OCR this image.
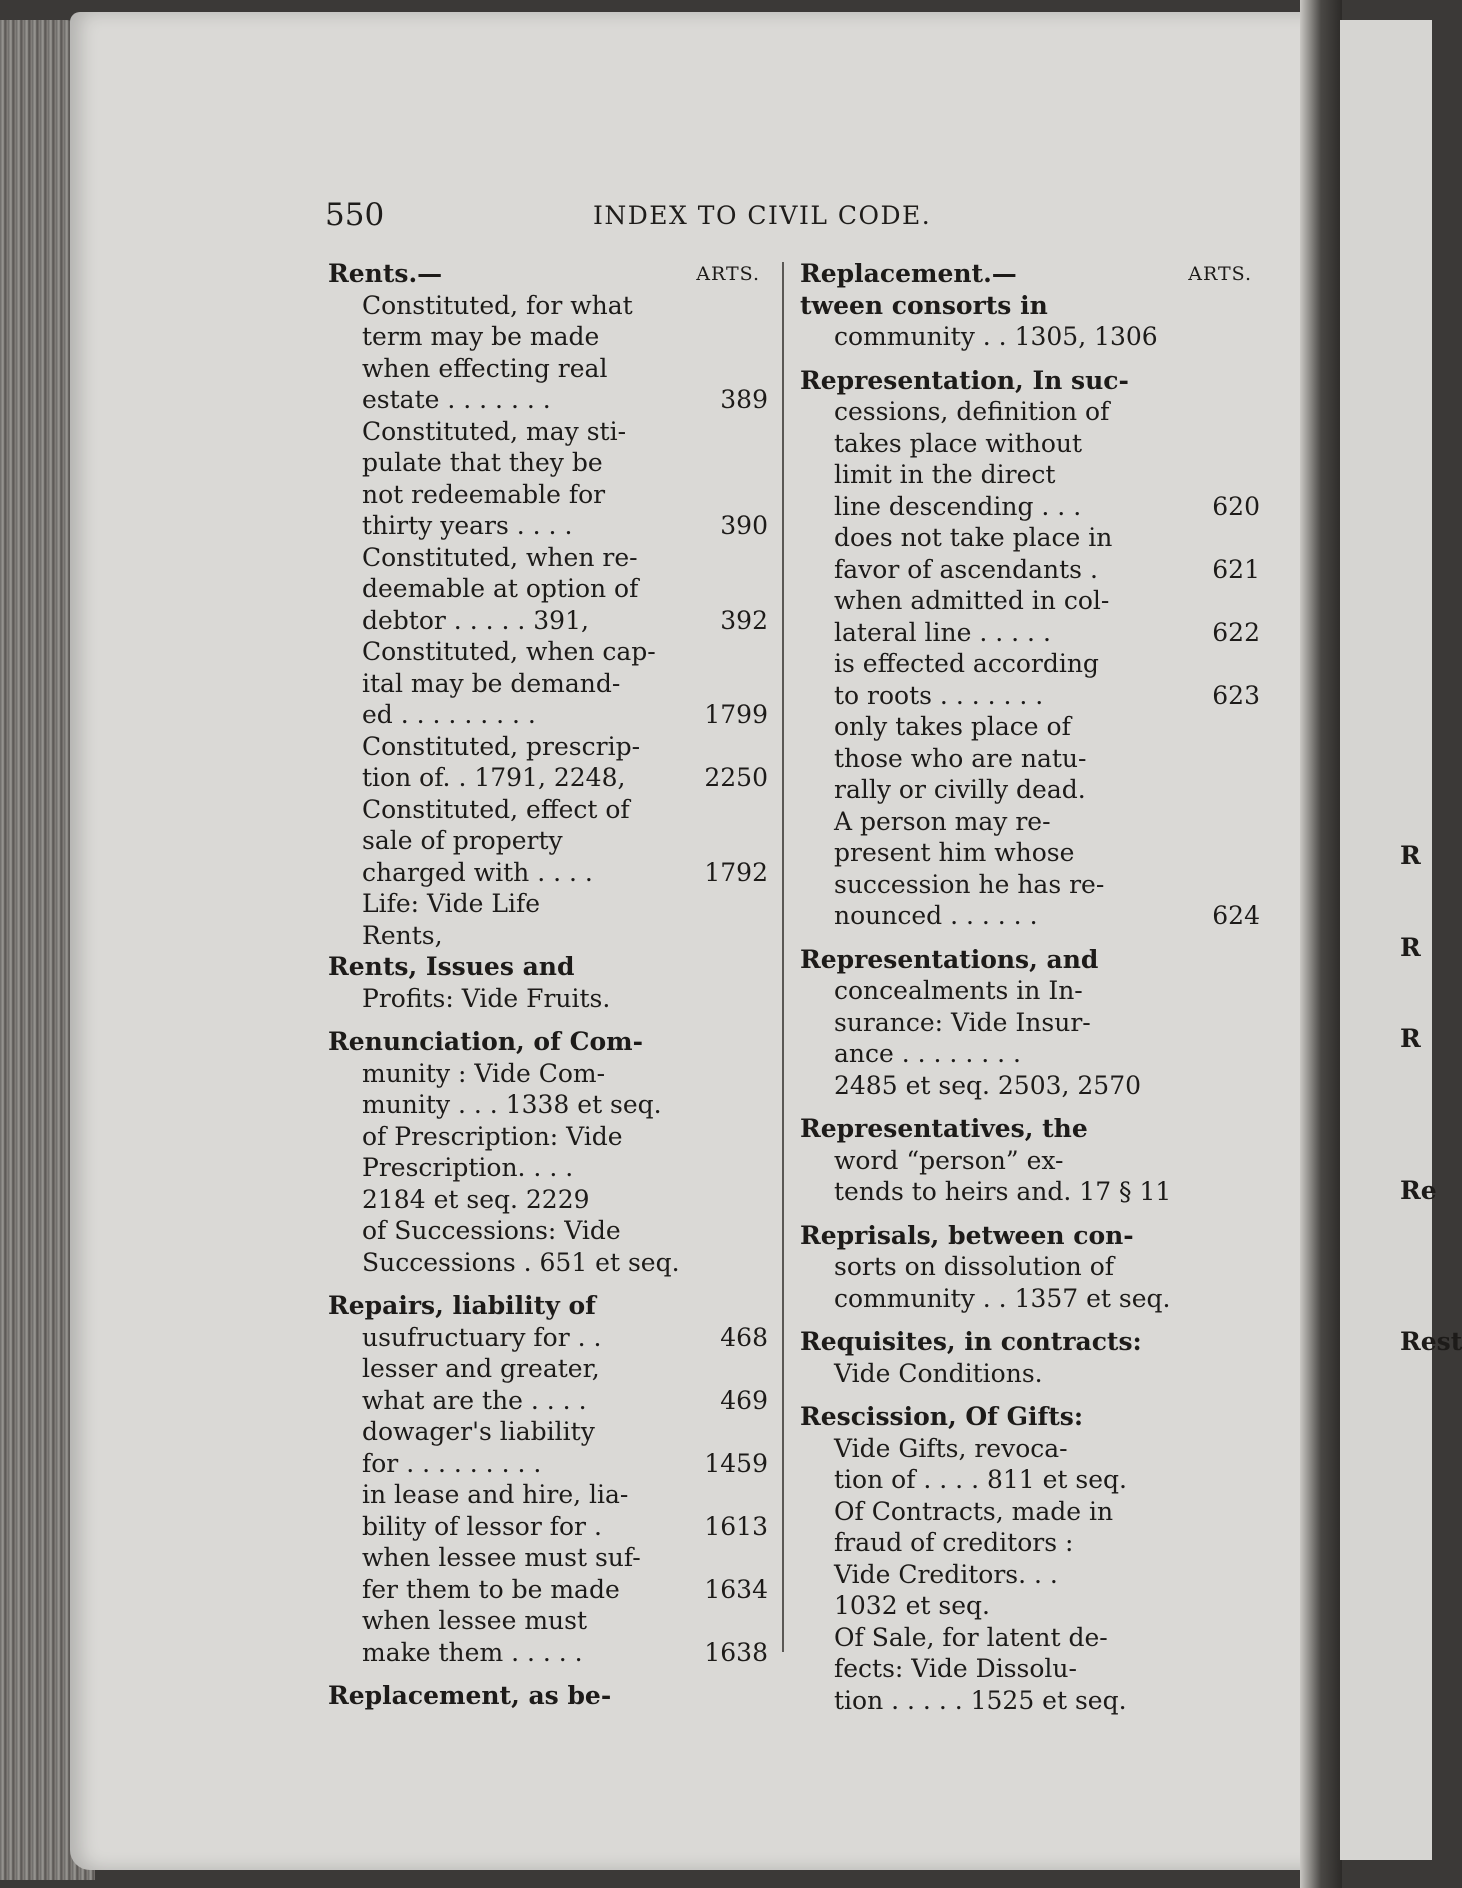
550	INDEX TO CIVIL CODE.
Rents.—	ARTS.
Constituted, for what
term may be made
when effecting real
estate . . . . . . .	389
Constituted, may sti-
pulate that they be
not redeemable for
thirty years . . . .	390
Constituted, when re-
deemable at option of
debtor . . . . . 391,	392
Constituted, when cap-
ital may be demand-
ed . . . . . . . . .	1799
Constituted, prescrip-
tion of. . 1791, 2248,	2250
Constituted, effect of
sale of property
charged with . . . .	1792
Life: Vide Life
Rents,
Rents, Issues and
Profits: Vide Fruits.
Renunciation, of Com-
munity : Vide Com-
munity . . . 1338 et seq.
of Prescription: Vide
Prescription. . . .
2184 et seq. 2229
of Successions: Vide
Successions . 651 et seq.
Repairs, liability of
usufructuary for . .	468
lesser and greater,
what are the . . . .	469
dowager's liability
for . . . . . . . . .	1459
in lease and hire, lia-
bility of lessor for .	1613
when lessee must suf-
fer them to be made	1634
when lessee must
make them . . . . .	1638
Replacement, as be-
Replacement.—	ARTS.
tween consorts in
community . . 1305, 1306
Representation, In suc-
cessions, definition of
takes place without
limit in the direct
line descending . . .	620
does not take place in
favor of ascendants .	621
when admitted in col-
lateral line . . . . .	622
is effected according
to roots . . . . . . .	623
only takes place of
those who are natu-
rally or civilly dead.
A person may re-
present him whose
succession he has re-
nounced . . . . . .	624
Representations, and
concealments in In-
surance: Vide Insur-
ance . . . . . . . .
2485 et seq. 2503, 2570
Representatives, the
word “person” ex-
tends to heirs and. 17 § 11
Reprisals, between con-
sorts on dissolution of
community . . 1357 et seq.
Requisites, in contracts:
Vide Conditions.
Rescission, Of Gifts:
Vide Gifts, revoca-
tion of . . . . 811 et seq.
Of Contracts, made in
fraud of creditors :
Vide Creditors. . .
1032 et seq.
Of Sale, for latent de-
fects: Vide Dissolu-
tion . . . . . 1525 et seq.
R
R
R
Re
Rest
